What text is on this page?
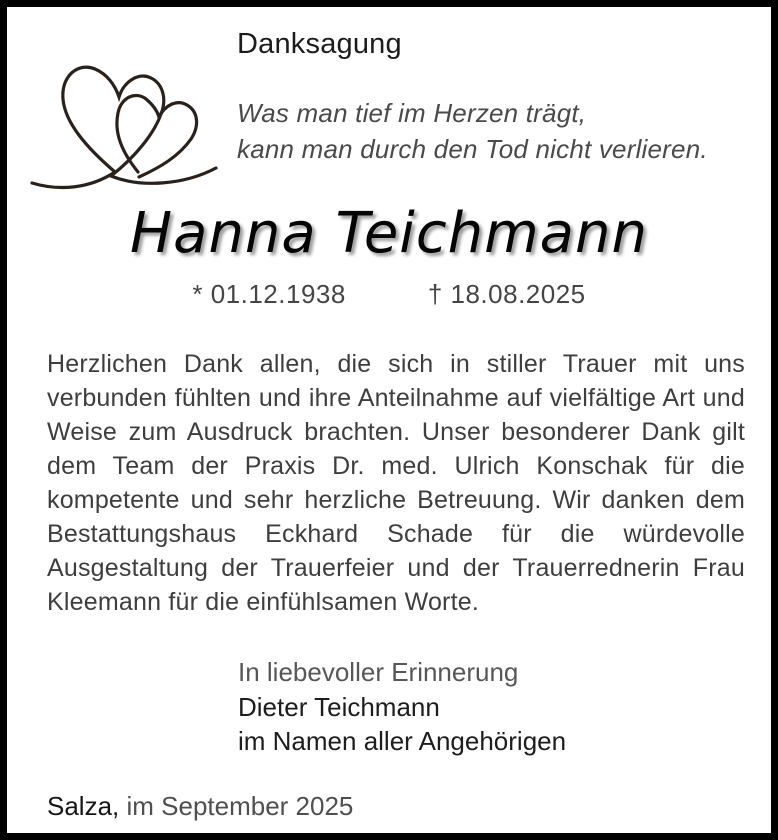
Danksagung
Was man tief im Herzen trägt,
kann man durch den Tod nicht verlieren.
Hanna Teichmann
* 01.12.1938	† 18.08.2025
Herzlichen Dank allen, die sich in stiller Trauer mit uns verbunden fühlten und ihre Anteilnahme auf vielfältige Art und Weise zum Ausdruck brachten. Unser besonderer Dank gilt dem Team der Praxis Dr. med. Ulrich Konschak für die kompetente und sehr herzliche Betreuung. Wir danken dem Bestattungshaus Eckhard Schade für die würdevolle Ausgestaltung der Trauerfeier und der Trauerrednerin Frau Kleemann für die einfühlsamen Worte.
In liebevoller Erinnerung
Dieter Teichmann
im Namen aller Angehörigen
Salza, im September 2025
